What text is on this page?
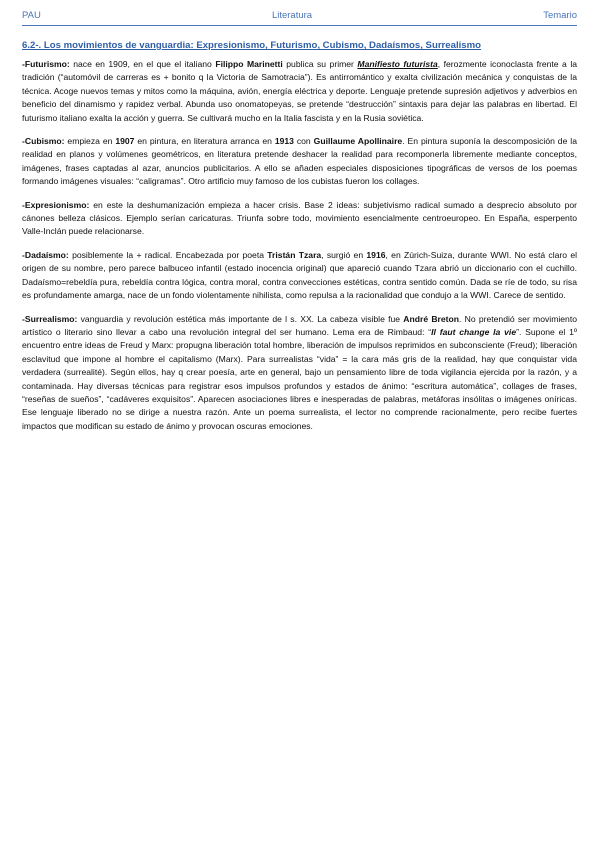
PAU	Literatura	Temario
6.2-. Los movimientos de vanguardia: Expresionismo, Futurismo, Cubismo, Dadaísmos, Surrealismo

-Futurismo: nace en 1909, en el que el italiano Filippo Marinetti publica su primer Manifiesto futurista, ferozmente iconoclasta frente a la tradición (“automóvil de carreras es + bonito q la Victoria de Samotracia”). Es antirromántico y exalta civilización mecánica y conquistas de la técnica. Acoge nuevos temas y mitos como la máquina, avión, energía eléctrica y deporte. Lenguaje pretende supresión adjetivos y adverbios en beneficio del dinamismo y rapidez verbal. Abunda uso onomatopeyas, se pretende “destrucción” sintaxis para dejar las palabras en libertad. El futurismo italiano exalta la acción y guerra. Se cultivará mucho en la Italia fascista y en la Rusia soviética.

-Cubismo: empieza en 1907 en pintura, en literatura arranca en 1913 con Guillaume Apollinaire. En pintura suponía la descomposición de la realidad en planos y volúmenes geométricos, en literatura pretende deshacer la realidad para recomponerla libremente mediante conceptos, imágenes, frases captadas al azar, anuncios publicitarios. A ello se añaden especiales disposiciones tipográficas de versos de los poemas formando imágenes visuales: “caligramas”. Otro artificio muy famoso de los cubistas fueron los collages.

-Expresionismo: en este la deshumanización empieza a hacer crisis. Base 2 ideas: subjetivismo radical sumado a desprecio absoluto por cánones belleza clásicos. Ejemplo serían caricaturas. Triunfa sobre todo, movimiento esencialmente centroeuropeo. En España, esperpento Valle-Inclán puede relacionarse.

-Dadaísmo: posiblemente la + radical. Encabezada por poeta Tristán Tzara, surgió en 1916, en Zúrich-Suiza, durante WWI. No está claro el origen de su nombre, pero parece balbuceo infantil (estado inocencia original) que apareció cuando Tzara abrió un diccionario con el cuchillo. Dadaísmo=rebeldía pura, rebeldía contra lógica, contra moral, contra convecciones estéticas, contra sentido común. Dada se ríe de todo, su risa es profundamente amarga, nace de un fondo violentamente nihilista, como repulsa a la racionalidad que condujo a la WWI. Carece de sentido.

-Surrealismo: vanguardia y revolución estética más importante de l s. XX. La cabeza visible fue André Breton. No pretendió ser movimiento artístico o literario sino llevar a cabo una revolución integral del ser humano. Lema era de Rimbaud: “Il faut change la vie”. Supone el 1º encuentro entre ideas de Freud y Marx: propugna liberación total hombre, liberación de impulsos reprimidos en subconsciente (Freud); liberación esclavitud que impone al hombre el capitalismo (Marx). Para surrealistas “vida” = la cara más gris de la realidad, hay que conquistar vida verdadera (surrealité). Según ellos, hay q crear poesía, arte en general, bajo un pensamiento libre de toda vigilancia ejercida por la razón, y a contaminada. Hay diversas técnicas para registrar esos impulsos profundos y estados de ánimo: “escritura automática”, collages de frases, “reseñas de sueños”, “cadáveres exquisitos”. Aparecen asociaciones libres e inesperadas de palabras, metáforas insólitas o imágenes oníricas. Ese lenguaje liberado no se dirige a nuestra razón. Ante un poema surrealista, el lector no comprende racionalmente, pero recibe fuertes impactos que modifican su estado de ánimo y provocan oscuras emociones.
